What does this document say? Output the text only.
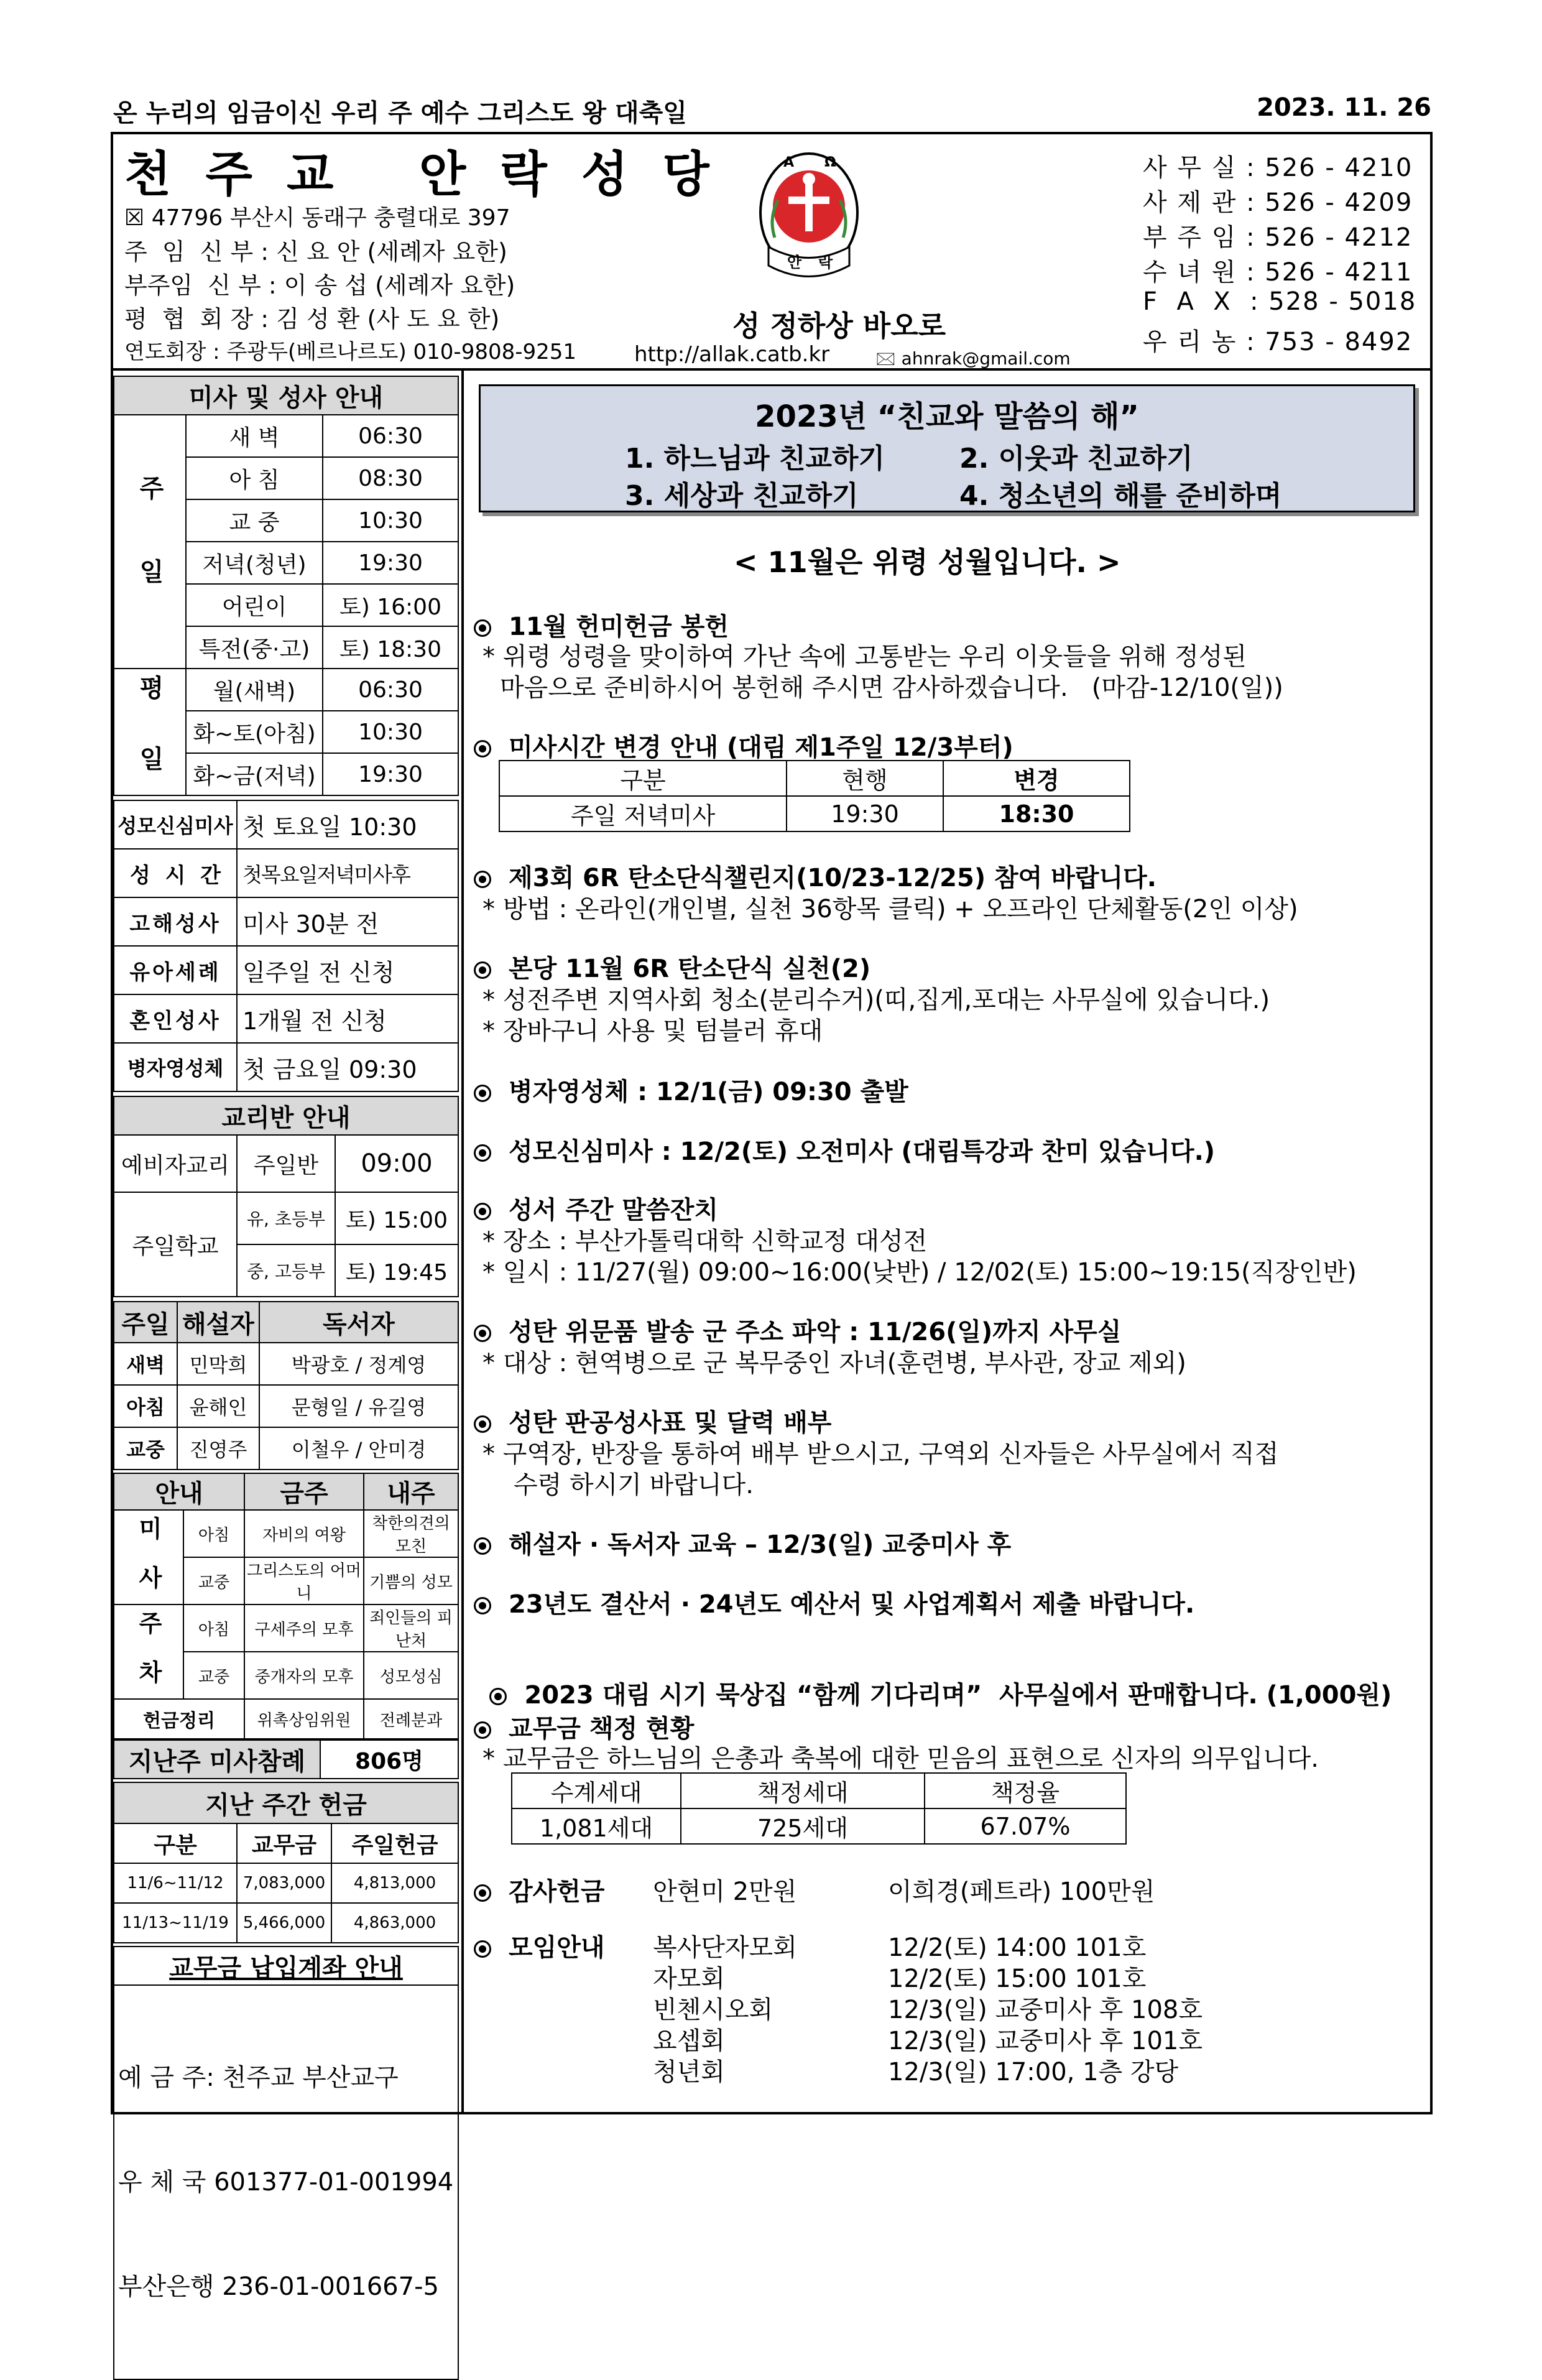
온 누리의 임금이신 우리 주 예수 그리스도 왕 대축일	2023. 11. 26
천 주 교   안 락 성 당
☒ 47796 부산시 동래구 충렬대로 397
주  임  신 부 : 신 요 안 (세례자 요한)
부주임  신 부 : 이 송 섭 (세례자 요한)
평  협  회 장 : 김 성 환 (사 도 요 한)
연도회장 : 주광두(베르나르도) 010-9808-9251
A Ω
안 락
성 정하상 바오로
http://allak.catb.kr	🖂 ahnrak@gmail.com
사 무 실 : 526 - 4210
사 제 관 : 526 - 4209
부 주 임 : 526 - 4212
수 녀 원 : 526 - 4211
F  A  X  : 528 - 5018
우 리 농 : 753 - 8492
미사 및 성사 안내		
주 일	새 벽	06:30
	아 침	08:30
	교 중	10:30
	저녁(청년)	19:30
	어린이	토) 16:00
	특전(중·고)	토) 18:30
평 일	월(새벽)	06:30
	화~토(아침)	10:30
	화~금(저녁)	19:30
성모신심미사	첫 토요일 10:30
성  시  간	첫목요일저녁미사후
고해성사	미사 30분 전
유아세례	일주일 전 신청
혼인성사	1개월 전 신청
병자영성체	첫 금요일 09:30
교리반 안내		
예비자교리	주일반	09:00
주일학교	유, 초등부	토) 15:00
	중, 고등부	토) 19:45
주일	해설자	독서자
새벽	민막희	박광호 / 정계영
아침	윤해인	문형일 / 유길영
교중	진영주	이철우 / 안미경
안내		금주	내주
미 사	아침	자비의 여왕	착한의견의 모친
	교중	그리스도의 어머니	기쁨의 성모
주 차	아침	구세주의 모후	죄인들의 피난처
	교중	중개자의 모후	성모성심
헌금정리		위촉상임위원	전례분과
지난주 미사참례	806명
지난 주간 헌금		
구분	교무금	주일헌금
11/6~11/12	7,083,000	4,813,000
11/13~11/19	5,466,000	4,863,000
교무금 납입계좌 안내

예 금 주: 천주교 부산교구

우 체 국 601377-01-001994

부산은행 236-01-001667-5

2023년 “친교와 말씀의 해”
1. 하느님과 친교하기	2. 이웃과 친교하기
3. 세상과 친교하기	4. 청소년의 해를 준비하며
< 11월은 위령 성월입니다. >
11월 헌미헌금 봉헌
* 위령 성령을 맞이하여 가난 속에 고통받는 우리 이웃들을 위해 정성된
마음으로 준비하시어 봉헌해 주시면 감사하겠습니다.   (마감-12/10(일))
미사시간 변경 안내 (대림 제1주일 12/3부터)
구분	현행	변경
주일 저녁미사	19:30	18:30
제3회 6R 탄소단식챌린지(10/23-12/25) 참여 바랍니다.
* 방법 : 온라인(개인별, 실천 36항목 클릭) + 오프라인 단체활동(2인 이상)
본당 11월 6R 탄소단식 실천(2)
* 성전주변 지역사회 청소(분리수거)(띠,집게,포대는 사무실에 있습니다.)
* 장바구니 사용 및 텀블러 휴대
병자영성체 : 12/1(금) 09:30 출발
성모신심미사 : 12/2(토) 오전미사 (대림특강과 찬미 있습니다.)
성서 주간 말씀잔치
* 장소 : 부산가톨릭대학 신학교정 대성전
* 일시 : 11/27(월) 09:00~16:00(낮반) / 12/02(토) 15:00~19:15(직장인반)
성탄 위문품 발송 군 주소 파악 : 11/26(일)까지 사무실
* 대상 : 현역병으로 군 복무중인 자녀(훈련병, 부사관, 장교 제외)
성탄 판공성사표 및 달력 배부
* 구역장, 반장을 통하여 배부 받으시고, 구역외 신자들은 사무실에서 직접
수령 하시기 바랍니다.
해설자 · 독서자 교육 – 12/3(일) 교중미사 후
23년도 결산서 · 24년도 예산서 및 사업계획서 제출 바랍니다.

2023 대림 시기 묵상집 “함께 기다리며”  사무실에서 판매합니다. (1,000원)

교무금 책정 현황
* 교무금은 하느님의 은총과 축복에 대한 믿음의 표현으로 신자의 의무입니다.
수계세대	책정세대	책정율
1,081세대	725세대	67.07%
감사헌금 안현미 2만원	이희경(페트라) 100만원
모임안내 복사단자모회	12/2(토) 14:00 101호
자모회	12/2(토) 15:00 101호
빈첸시오회	12/3(일) 교중미사 후 108호
요셉회	12/3(일) 교중미사 후 101호
청년회	12/3(일) 17:00, 1층 강당
